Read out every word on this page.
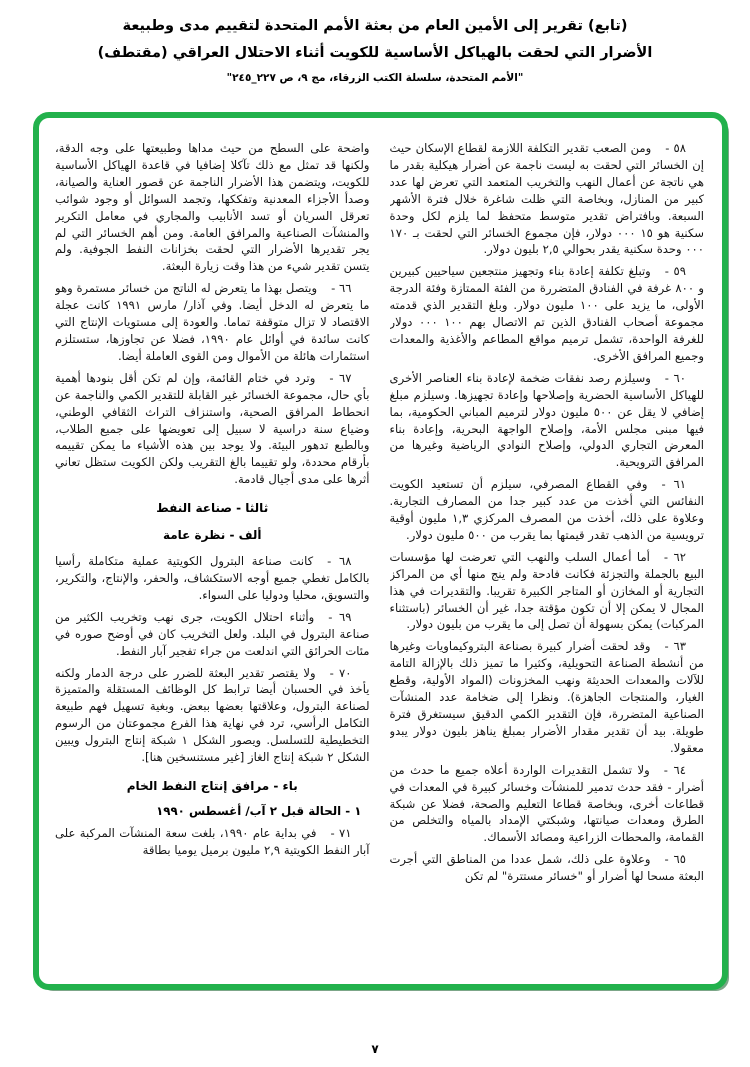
(تابع) تقرير إلى الأمين العام من بعثة الأمم المتحدة لتقييم مدى وطبيعة
الأضرار التي لحقت بالهياكل الأساسية للكويت أثناء الاحتلال العراقي (مقتطف)
"الأمم المتحدة، سلسلة الكتب الزرقاء، مج ٩، ص ٢٢٧_٢٤٥"

٥٨ -ومن الصعب تقدير التكلفة اللازمة لقطاع الإسكان حيث إن الخسائر التي لحقت به ليست ناجمة عن أضرار هيكلية بقدر ما هي ناتجة عن أعمال النهب والتخريب المتعمد التي تعرض لها عدد كبير من المنازل، وبخاصة التي ظلت شاغرة خلال فترة الأشهر السبعة. وبافتراض تقدير متوسط متحفظ لما يلزم لكل وحدة سكنية هو ١٥ ٠٠٠ دولار، فإن مجموع الخسائر التي لحقت بـ ١٧٠ ٠٠٠ وحدة سكنية يقدر بحوالي ٢,٥ بليون دولار.

٥٩ -وتبلغ تكلفة إعادة بناء وتجهيز منتجعين سياحيين كبيرين و ٨٠٠ غرفة في الفنادق المتضررة من الفئة الممتازة وفئة الدرجة الأولى، ما يزيد على ١٠٠ مليون دولار. وبلغ التقدير الذي قدمته مجموعة أصحاب الفنادق الذين تم الاتصال بهم ١٠٠ ٠٠٠ دولار للغرفة الواحدة، تشمل ترميم مواقع المطاعم والأغذية والمعدات وجميع المرافق الأخرى.

٦٠ -وسيلزم رصد نفقات ضخمة لإعادة بناء العناصر الأخرى للهياكل الأساسية الحضرية وإصلاحها وإعادة تجهيزها. وسيلزم مبلغ إضافي لا يقل عن ٥٠٠ مليون دولار لترميم المباني الحكومية، بما فيها مبنى مجلس الأمة، وإصلاح الواجهة البحرية، وإعادة بناء المعرض التجاري الدولي، وإصلاح النوادي الرياضية وغيرها من المرافق الترويحية.

٦١ -وفي القطاع المصرفي، سيلزم أن تستعيد الكويت النفائس التي أخذت من عدد كبير جدا من المصارف التجارية. وعلاوة على ذلك، أخذت من المصرف المركزي ١,٣ مليون أوقية ترويسية من الذهب تقدر قيمتها بما يقرب من ٥٠٠ مليون دولار.

٦٢ -أما أعمال السلب والنهب التي تعرضت لها مؤسسات البيع بالجملة والتجزئة فكانت فادحة ولم ينج منها أي من المراكز التجارية أو المخازن أو المتاجر الكبيرة تقريبا. والتقديرات في هذا المجال لا يمكن إلا أن تكون مؤقتة جدا، غير أن الخسائر (باستثناء المركبات) يمكن بسهولة أن تصل إلى ما يقرب من بليون دولار.

٦٣ -وقد لحقت أضرار كبيرة بصناعة البتروكيماويات وغيرها من أنشطة الصناعة التحويلية، وكثيرا ما تميز ذلك بالإزالة التامة للآلات والمعدات الحديثة ونهب المخزونات (المواد الأولية، وقطع الغيار، والمنتجات الجاهزة). ونظرا إلى ضخامة عدد المنشآت الصناعية المتضررة، فإن التقدير الكمي الدقيق سيستغرق فترة طويلة. بيد أن تقدير مقدار الأضرار بمبلغ يناهز بليون دولار يبدو معقولا.

٦٤ -ولا تشمل التقديرات الواردة أعلاه جميع ما حدث من أضرار - فقد حدث تدمير للمنشآت وخسائر كبيرة في المعدات في قطاعات أخرى، وبخاصة قطاعا التعليم والصحة، فضلا عن شبكة الطرق ومعدات صيانتها، وشبكتي الإمداد بالمياه والتخلص من القمامة، والمحطات الزراعية ومصائد الأسماك.

٦٥ -وعلاوة على ذلك، شمل عددا من المناطق التي أجرت البعثة مسحا لها أضرار أو "خسائر مستترة" لم تكن

واضحة على السطح من حيث مداها وطبيعتها على وجه الدقة، ولكنها قد تمثل مع ذلك تآكلا إضافيا في قاعدة الهياكل الأساسية للكويت، ويتضمن هذا الأضرار الناجمة عن قصور العناية والصيانة، وصدأ الأجزاء المعدنية وتفككها، وتجمد السوائل أو وجود شوائب تعرقل السريان أو تسد الأنابيب والمجاري في معامل التكرير والمنشآت الصناعية والمرافق العامة. ومن أهم الخسائر التي لم يجر تقديرها الأضرار التي لحقت بخزانات النفط الجوفية. ولم يتسن تقدير شيء من هذا وقت زيارة البعثة.

٦٦ -ويتصل بهذا ما يتعرض له الناتج من خسائر مستمرة وهو ما يتعرض له الدخل أيضا. وفي آذار/ مارس ١٩٩١ كانت عجلة الاقتصاد لا تزال متوقفة تماما. والعودة إلى مستويات الإنتاج التي كانت سائدة في أوائل عام ١٩٩٠، فضلا عن تجاوزها، ستستلزم استثمارات هائلة من الأموال ومن القوى العاملة أيضا.

٦٧ -وترد في ختام القائمة، وإن لم تكن أقل بنودها أهمية بأي حال، مجموعة الخسائر غير القابلة للتقدير الكمي والناجمة عن انحطاط المرافق الصحية، واستنزاف التراث الثقافي الوطني، وضياع سنة دراسية لا سبيل إلى تعويضها على جميع الطلاب، وبالطبع تدهور البيئة. ولا يوجد بين هذه الأشياء ما يمكن تقييمه بأرقام محددة، ولو تقييما بالغ التقريب ولكن الكويت ستظل تعاني أثرها على مدى أجيال قادمة.

ثالثا - صناعة النفط
ألف - نظرة عامة

٦٨ -كانت صناعة البترول الكويتية عملية متكاملة رأسيا بالكامل تغطي جميع أوجه الاستكشاف، والحفر، والإنتاج، والتكرير، والتسويق، محليا ودوليا على السواء.

٦٩ -وأثناء احتلال الكويت، جرى نهب وتخريب الكثير من صناعة البترول في البلد. ولعل التخريب كان في أوضح صوره في مئات الحرائق التي اندلعت من جراء تفجير آبار النفط.

٧٠ -ولا يقتصر تقدير البعثة للضرر على درجة الدمار ولكنه يأخذ في الحسبان أيضا ترابط كل الوظائف المستقلة والمتميزة لصناعة البترول، وعلاقتها بعضها ببعض. وبغية تسهيل فهم طبيعة التكامل الرأسي، ترد في نهاية هذا الفرع مجموعتان من الرسوم التخطيطية للتسلسل. ويصور الشكل ١ شبكة إنتاج البترول ويبين الشكل ٢ شبكة إنتاج الغاز [غير مستنسخين هنا].

باء - مرافق إنتاج النفط الخام
١ - الحالة قبل ٢ آب/ أغسطس ١٩٩٠

٧١ -في بداية عام ١٩٩٠، بلغت سعة المنشآت المركبة على آبار النفط الكويتية ٢,٩ مليون برميل يوميا بطاقة

٧
